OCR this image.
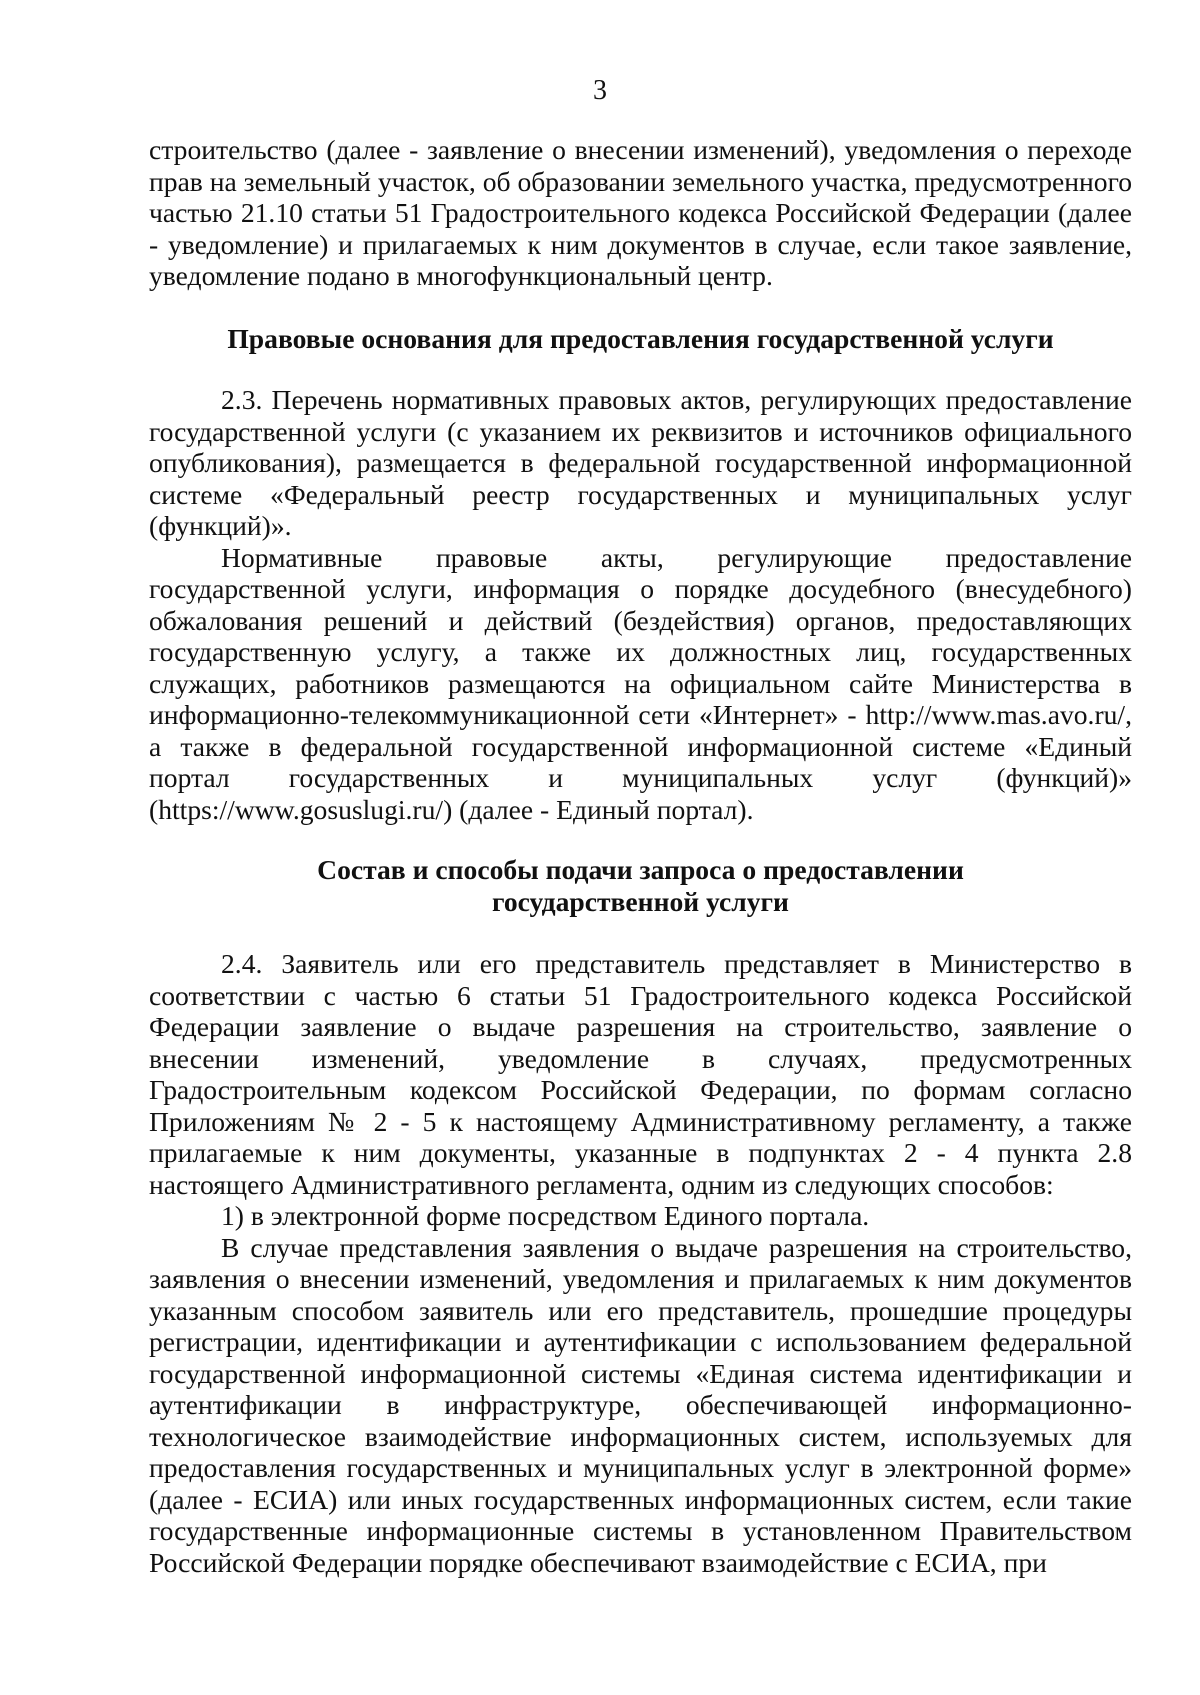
3

строительство (далее - заявление о внесении изменений), уведомления о переходе прав на земельный участок, об образовании земельного участка, предусмотренного частью 21.10 статьи 51 Градостроительного кодекса Российской Федерации (далее - уведомление) и прилагаемых к ним документов в случае, если такое заявление, уведомление подано в многофункциональный центр.

Правовые основания для предоставления государственной услуги

2.3. Перечень нормативных правовых актов, регулирующих предоставление государственной услуги (с указанием их реквизитов и источников официального опубликования), размещается в федеральной государственной информационной системе «Федеральный реестр государственных и муниципальных услуг (функций)».

Нормативные правовые акты, регулирующие предоставление государственной услуги, информация о порядке досудебного (внесудебного) обжалования решений и действий (бездействия) органов, предоставляющих государственную услугу, а также их должностных лиц, государственных служащих, работников размещаются на официальном сайте Министерства в информационно-телекоммуникационной сети «Интернет» - http://www.mas.avo.ru/, а также в федеральной государственной информационной системе «Единый портал государственных и муниципальных услуг (функций)» (https://www.gosuslugi.ru/) (далее - Единый портал).

Состав и способы подачи запроса о предоставлении
государственной услуги

2.4. Заявитель или его представитель представляет в Министерство в соответствии с частью 6 статьи 51 Градостроительного кодекса Российской Федерации заявление о выдаче разрешения на строительство, заявление о внесении изменений, уведомление в случаях, предусмотренных Градостроительным кодексом Российской Федерации, по формам согласно Приложениям № 2 - 5 к настоящему Административному регламенту, а также прилагаемые к ним документы, указанные в подпунктах 2 - 4 пункта 2.8 настоящего Административного регламента, одним из следующих способов:

1) в электронной форме посредством Единого портала.

В случае представления заявления о выдаче разрешения на строительство, заявления о внесении изменений, уведомления и прилагаемых к ним документов указанным способом заявитель или его представитель, прошедшие процедуры регистрации, идентификации и аутентификации с использованием федеральной государственной информационной системы «Единая система идентификации и аутентификации в инфраструктуре, обеспечивающей информационно-технологическое взаимодействие информационных систем, используемых для предоставления государственных и муниципальных услуг в электронной форме» (далее - ЕСИА) или иных государственных информационных систем, если такие государственные информационные системы в установленном Правительством Российской Федерации порядке обеспечивают взаимодействие с ЕСИА, при
